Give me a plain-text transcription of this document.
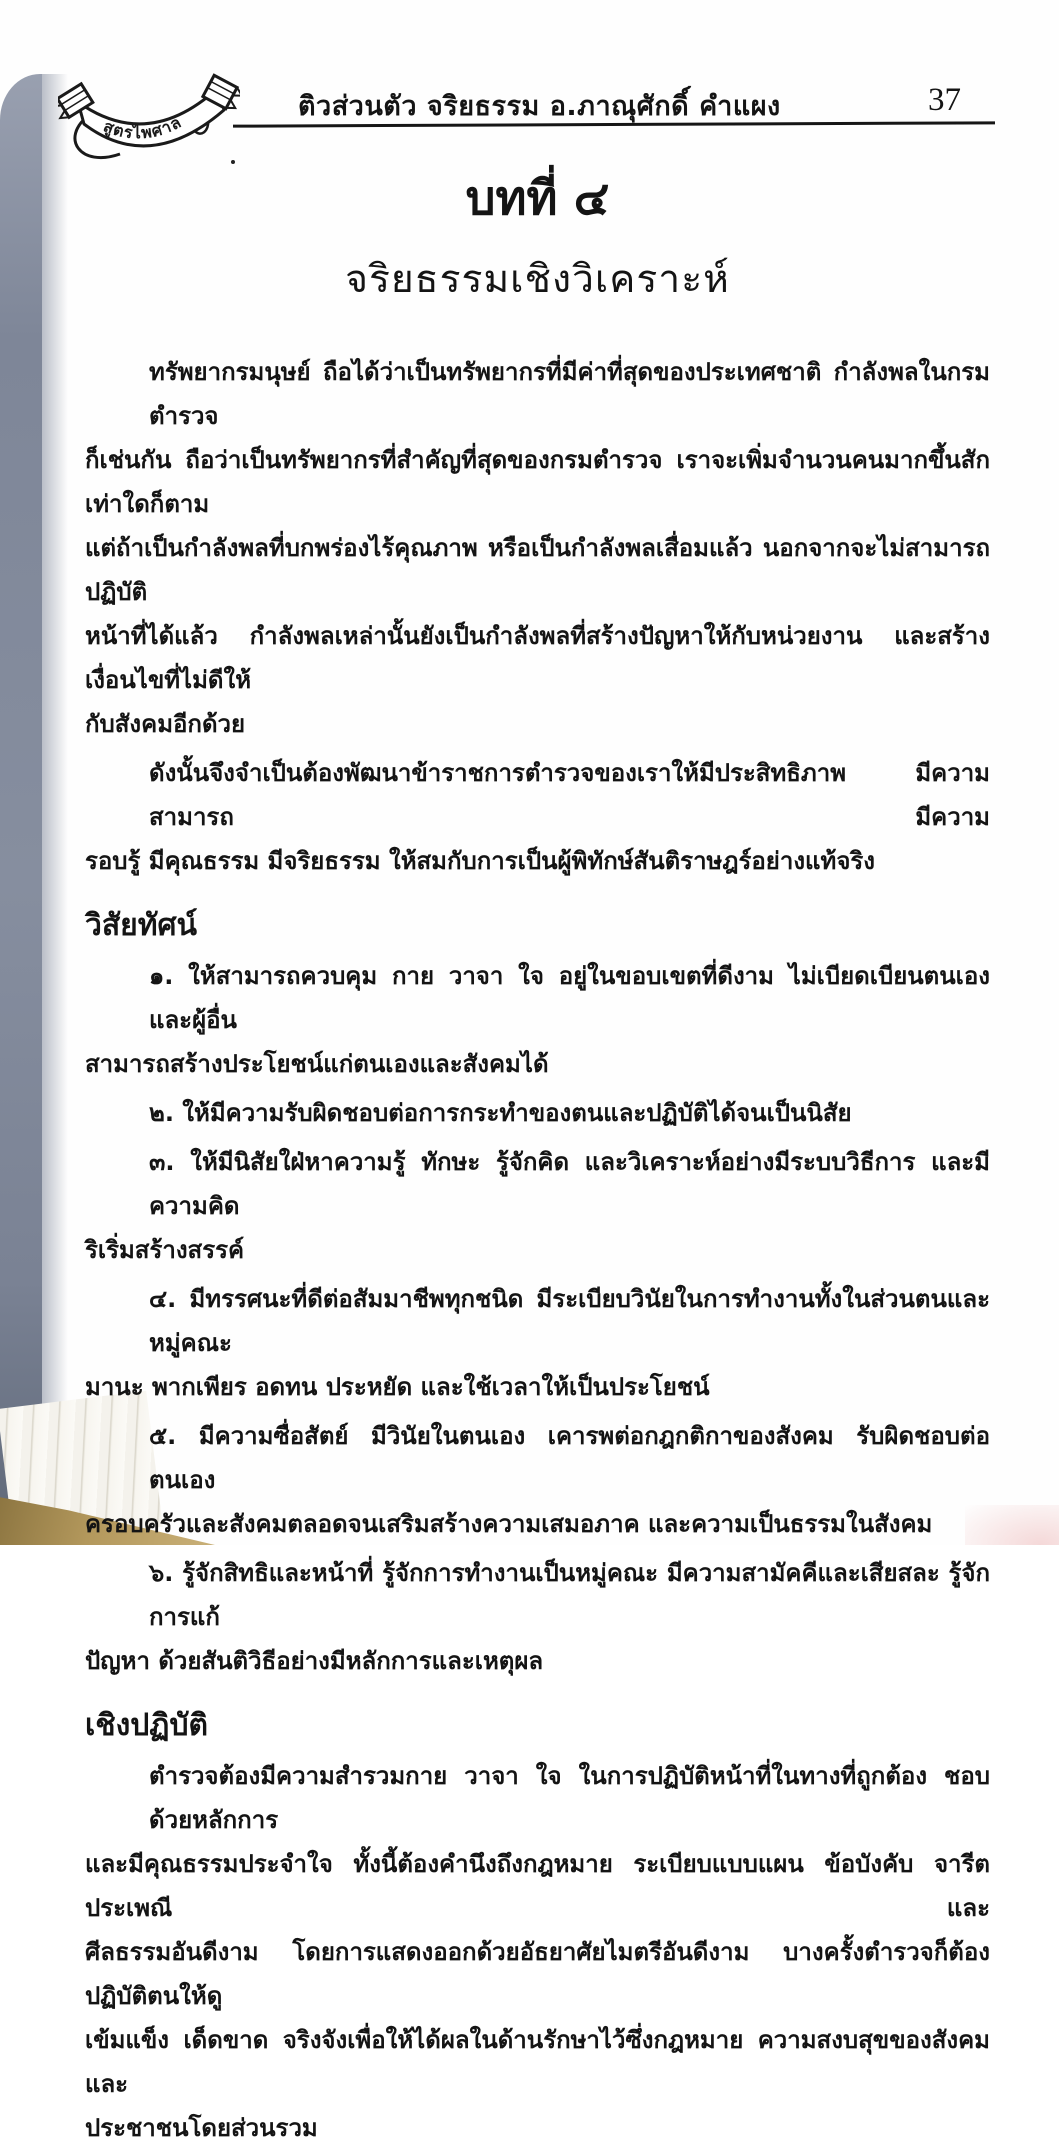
สูตรไพศาล
ติวส่วนตัว จริยธรรม อ.ภาณุศักดิ์ คำแผง	37
บทที่ ๔
จริยธรรมเชิงวิเคราะห์
ทรัพยากรมนุษย์ ถือได้ว่าเป็นทรัพยากรที่มีค่าที่สุดของประเทศชาติ กำลังพลในกรมตำรวจ
ก็เช่นกัน ถือว่าเป็นทรัพยากรที่สำคัญที่สุดของกรมตำรวจ เราจะเพิ่มจำนวนคนมากขึ้นสักเท่าใดก็ตาม
แต่ถ้าเป็นกำลังพลที่บกพร่องไร้คุณภาพ หรือเป็นกำลังพลเสื่อมแล้ว นอกจากจะไม่สามารถปฏิบัติ
หน้าที่ได้แล้ว กำลังพลเหล่านั้นยังเป็นกำลังพลที่สร้างปัญหาให้กับหน่วยงาน และสร้างเงื่อนไขที่ไม่ดีให้
กับสังคมอีกด้วย
ดังนั้นจึงจำเป็นต้องพัฒนาข้าราชการตำรวจของเราให้มีประสิทธิภาพ มีความสามารถ มีความ
รอบรู้ มีคุณธรรม มีจริยธรรม ให้สมกับการเป็นผู้พิทักษ์สันติราษฎร์อย่างแท้จริง
วิสัยทัศน์
๑. ให้สามารถควบคุม กาย วาจา ใจ อยู่ในขอบเขตที่ดีงาม ไม่เบียดเบียนตนเองและผู้อื่น
สามารถสร้างประโยชน์แก่ตนเองและสังคมได้
๒. ให้มีความรับผิดชอบต่อการกระทำของตนและปฏิบัติได้จนเป็นนิสัย
๓. ให้มีนิสัยใฝ่หาความรู้ ทักษะ รู้จักคิด และวิเคราะห์อย่างมีระบบวิธีการ และมีความคิด
ริเริ่มสร้างสรรค์
๔. มีทรรศนะที่ดีต่อสัมมาชีพทุกชนิด มีระเบียบวินัยในการทำงานทั้งในส่วนตนและหมู่คณะ
มานะ พากเพียร อดทน ประหยัด และใช้เวลาให้เป็นประโยชน์
๕. มีความซื่อสัตย์ มีวินัยในตนเอง เคารพต่อกฎกติกาของสังคม รับผิดชอบต่อตนเอง
ครอบครัวและสังคมตลอดจนเสริมสร้างความเสมอภาค และความเป็นธรรมในสังคม
๖. รู้จักสิทธิและหน้าที่ รู้จักการทำงานเป็นหมู่คณะ มีความสามัคคีและเสียสละ รู้จักการแก้
ปัญหา ด้วยสันติวิธีอย่างมีหลักการและเหตุผล
เชิงปฏิบัติ
ตำรวจต้องมีความสำรวมกาย วาจา ใจ ในการปฏิบัติหน้าที่ในทางที่ถูกต้อง ชอบด้วยหลักการ
และมีคุณธรรมประจำใจ ทั้งนี้ต้องคำนึงถึงกฎหมาย ระเบียบแบบแผน ข้อบังคับ จารีตประเพณี และ
ศีลธรรมอันดีงาม โดยการแสดงออกด้วยอัธยาศัยไมตรีอันดีงาม บางครั้งตำรวจก็ต้องปฏิบัติตนให้ดู
เข้มแข็ง เด็ดขาด จริงจังเพื่อให้ได้ผลในด้านรักษาไว้ซึ่งกฎหมาย ความสงบสุขของสังคม และ
ประชาชนโดยส่วนรวม
